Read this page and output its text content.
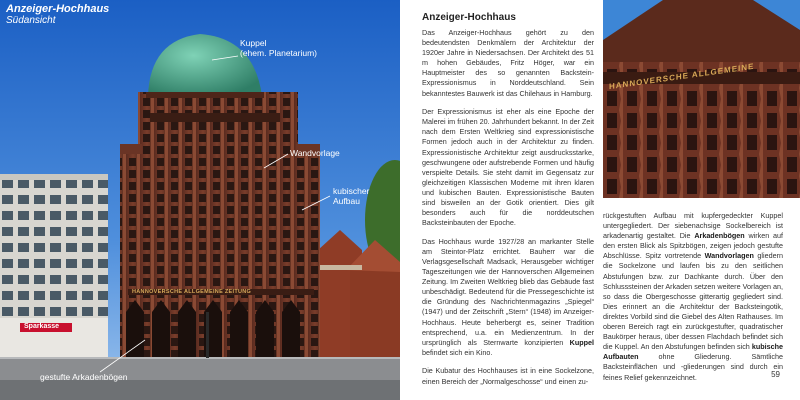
Anzeiger-Hochhaus

Südansicht

Kuppel
(ehem. Planetarium)
Wandvorlage
kubischer
Aufbau
gestufte Arkadenbögen
HANNOVERSCHE ALLGEMEINE ZEITUNG
Sparkasse
Anzeiger-Hochhaus

Das Anzeiger-Hochhaus gehört zu den bedeutendsten Denkmälern der Architektur der 1920er Jahre in Niedersachsen. Der Architekt des 51 m hohen Gebäudes, Fritz Höger, war ein Hauptmeister des so genannten Backstein-Expressionismus in Norddeutschland. Sein bekanntestes Bauwerk ist das Chilehaus in Hamburg.

Der Expressionismus ist eher als eine Epoche der Malerei im frühen 20. Jahrhundert bekannt. In der Zeit nach dem Ersten Weltkrieg sind expressionistische Formen jedoch auch in der Architektur zu finden. Expressionistische Architektur zeigt ausdrucksstarke, geschwungene oder aufstrebende Formen und häufig verspielte Details. Sie steht damit im Gegensatz zur gleichzeitigen Klassischen Moderne mit ihren klaren und kubischen Bauten. Expressionistische Bauten sind bisweilen an der Gotik orientiert. Dies gilt besonders auch für die norddeutschen Backsteinbauten der Epoche.

Das Hochhaus wurde 1927/28 an markanter Stelle am Steintor-Platz errichtet. Bauherr war die Verlagsgesellschaft Madsack, Herausgeber wichtiger Tageszeitungen wie der Hannoverschen Allgemeinen Zeitung. Im Zweiten Weltkrieg blieb das Gebäude fast unbeschädigt. Bedeutend für die Pressegeschichte ist die Gründung des Nachrichtenmagazins „Spiegel“ (1947) und der Zeitschrift „Stern“ (1948) im Anzeiger-Hochhaus. Heute beherbergt es, seiner Tradition entsprechend, u.a. ein Medienzentrum. In der ursprünglich als Sternwarte konzipierten Kuppel befindet sich ein Kino.

Die Kubatur des Hochhauses ist in eine Sockelzone, einen Bereich der „Normalgeschosse“ und einen zu-

HANNOVERSCHE ALLGEMEINE

rückgestuften Aufbau mit kupfergedeckter Kuppel untergegliedert. Der siebenachsige Sockelbereich ist arkadenartig gestaltet. Die Arkadenbögen wirken auf den ersten Blick als Spitzbögen, zeigen jedoch gestufte Abschlüsse. Spitz vortretende Wandvorlagen gliedern die Sockelzone und laufen bis zu den seitlichen Abstufungen bzw. zur Dachkante durch. Über den Schlusssteinen der Arkaden setzen weitere Vorlagen an, so dass die Obergeschosse gitterartig gegliedert sind. Dies erinnert an die Architektur der Backsteingotik, direktes Vorbild sind die Giebel des Alten Rathauses. Im oberen Bereich ragt ein zurückgestufter, quadratischer Baukörper heraus, über dessen Flachdach befindet sich die Kuppel. An den Abstufungen befinden sich kubische Aufbauten	ohne Gliederung. Sämtliche Backsteinflächen und -gliederungen sind durch ein feines Relief gekennzeichnet.	59
